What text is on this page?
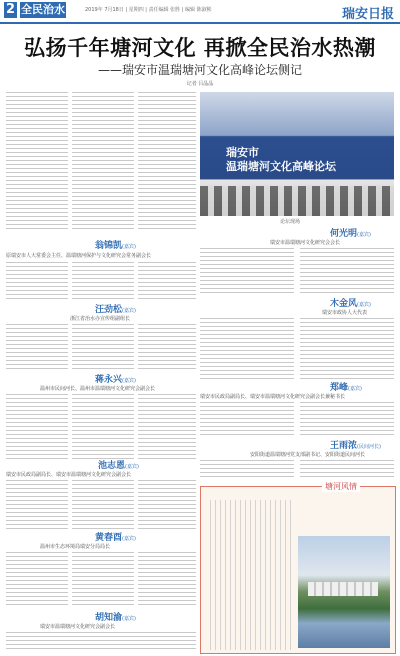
2 全民治水	2019年 7月18日 | 星期四 | 责任编辑 张胜 | 编辑 陈淑彬	瑞安日报
弘扬千年塘河文化 再掀全民治水热潮
——瑞安市温瑞塘河文化高峰论坛侧记
记者 吕晶晶
瑞安市
温瑞塘河文化高峰论坛
论坛现场
翁锦凯(嘉宾)
原瑞安市人大常委会主任、温瑞塘河保护与文化研究会常务副会长
汪劲松(嘉宾)
浙江省治水办宣传组副组长
蒋永兴(嘉宾)
温州市民间河长、温州市温瑞塘河文化研究会副会长
池志恩(嘉宾)
瑞安市民政局副局长、瑞安市温瑞塘河文化研究会副会长
黄春酉(嘉宾)
温州市生态环境局瑞安分局局长
胡知渝(嘉宾)
瑞安市温瑞塘河文化研究会副会长
何光明(嘉宾)
瑞安市温瑞塘河文化研究会会长
木金风(嘉宾)
瑞安市政协人大代表
郑峰(嘉宾)
瑞安市民政局副局长、瑞安市温瑞塘河文化研究会副会长兼秘书长
王雨浓(民间河长)
安阳街道温瑞塘河党支部副书记、安阳街道民间河长
塘河风情
